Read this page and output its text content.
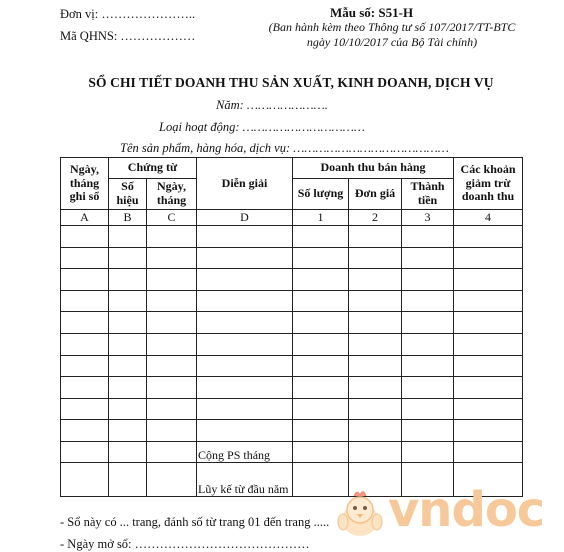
Đơn vị: …………………..
Mã QHNS: ………………
Mẫu số: S51-H
(Ban hành kèm theo Thông tư số 107/2017/TT-BTC
ngày 10/10/2017 của Bộ Tài chính)
SỔ CHI TIẾT DOANH THU SẢN XUẤT, KINH DOANH, DỊCH VỤ
Năm: ………………….
Loại hoạt động: ……………………………
Tên sản phẩm, hàng hóa, dịch vụ: ……………………………………
Ngày, tháng ghi sổ	Chứng từ		Diễn giải	Doanh thu bán hàng			Các khoản giảm trừ doanh thu
	Số hiệu	Ngày, tháng		Số lượng	Đơn giá	Thành tiền	
A	B	C	D	1	2	3	4

			Cộng PS tháng				
			Lũy kế từ đầu năm				
- Sổ này có ... trang, đánh số từ trang 01 đến trang .....
- Ngày mở sổ: ……………………………………
vndoc
